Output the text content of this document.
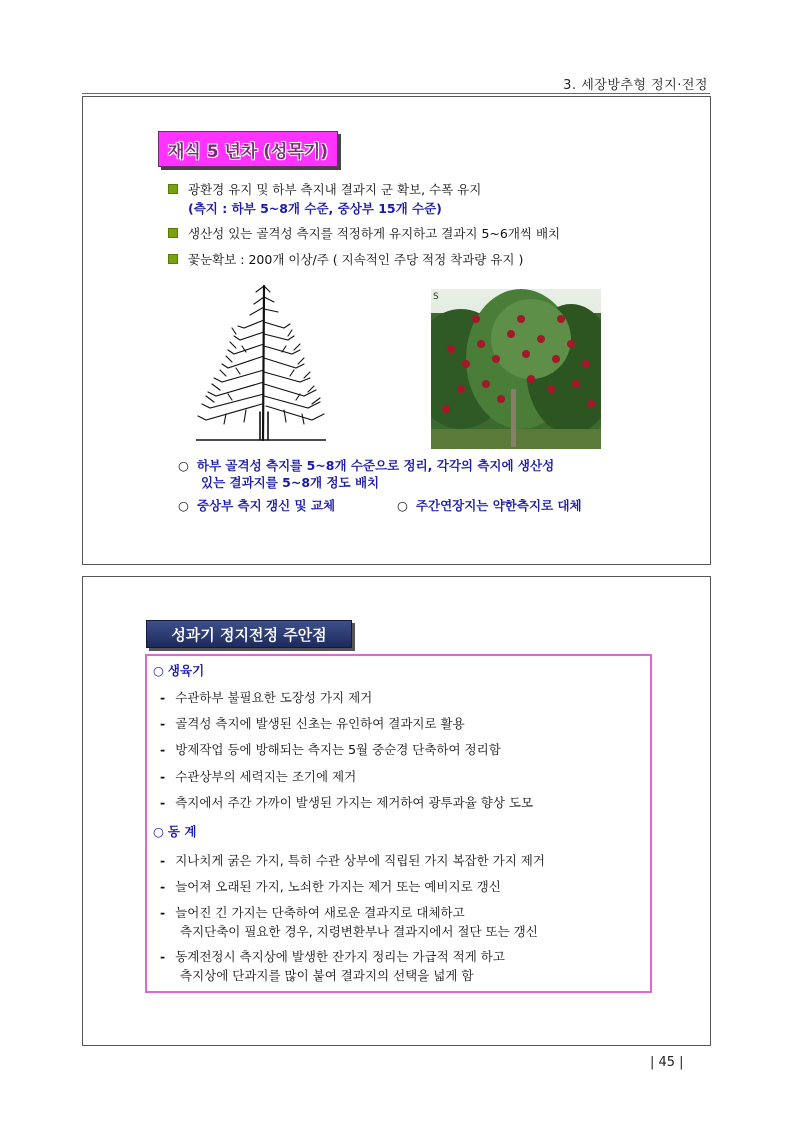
3. 세장방추형 정지·전정
재식 5 년차 (성목기)
광환경 유지 및 하부 측지내 결과지 군 확보, 수폭 유지
(측지 : 하부 5~8개 수준, 중상부 15개 수준)
생산성 있는 골격성 측지를 적정하게 유지하고 결과지 5~6개씩 배치
꽃눈확보 : 200개 이상/주 ( 지속적인 주당 적정 착과량 유지 )
S
○ 하부 골격성 측지를 5~8개 수준으로 정리, 각각의 측지에 생산성
있는 결과지를 5~8개 정도 배치
○ 중상부 측지 갱신 및 교체	○ 주간연장지는 약한측지로 대체
성과기 정지전정 주안점
○ 생육기
- 수관하부 불필요한 도장성 가지 제거
- 골격성 측지에 발생된 신초는 유인하여 결과지로 활용
- 방제작업 등에 방해되는 측지는 5월 중순경 단축하여 정리함
- 수관상부의 세력지는 조기에 제거
- 측지에서 주간 가까이 발생된 가지는 제거하여 광투과율 향상 도모
○ 동 계
- 지나치게 굵은 가지, 특히 수관 상부에 직립된 가지 복잡한 가지 제거
- 늘어져 오래된 가지, 노쇠한 가지는 제거 또는 예비지로 갱신
- 늘어진 긴 가지는 단축하여 새로운 결과지로 대체하고
측지단축이 필요한 경우, 지령변환부나 결과지에서 절단 또는 갱신
- 동계전정시 측지상에 발생한 잔가지 정리는 가급적 적게 하고
측지상에 단과지를 많이 붙여 결과지의 선택을 넓게 함
| 45 |
